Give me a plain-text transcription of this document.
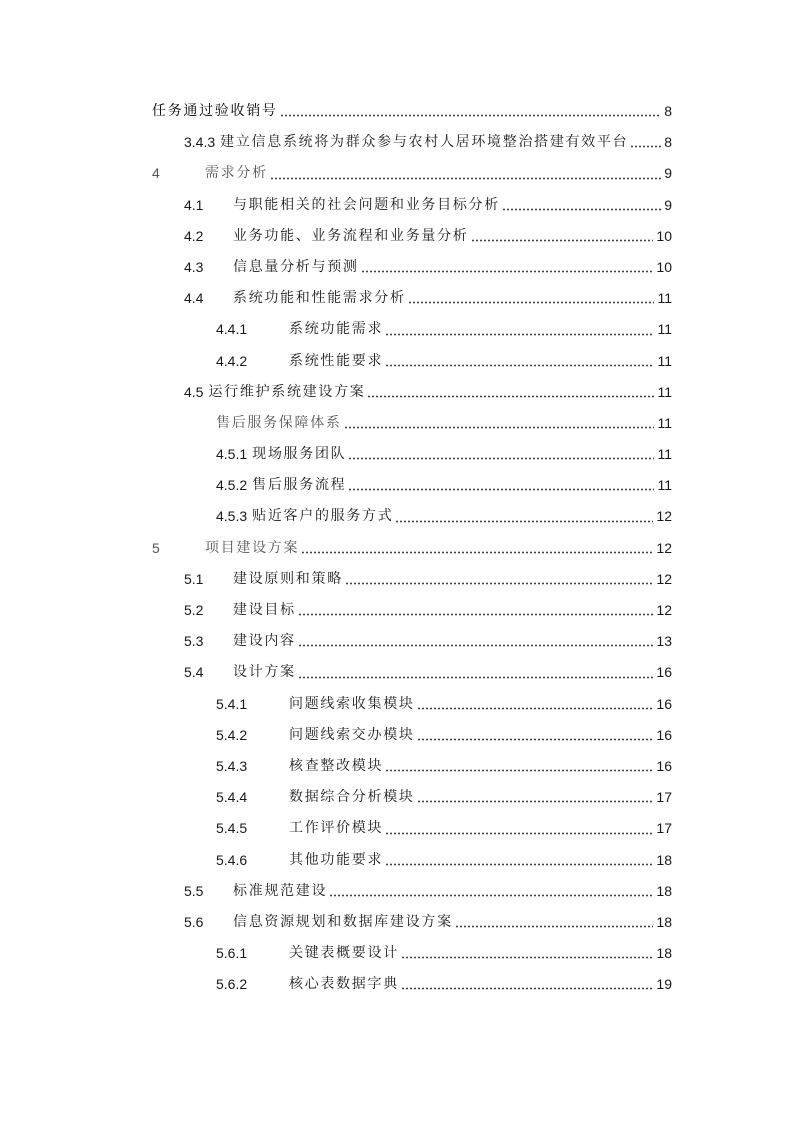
任务通过验收销号	8
3.4.3 建立信息系统将为群众参与农村人居环境整治搭建有效平台	8
4	需求分析	9
4.1	与职能相关的社会问题和业务目标分析	9
4.2	业务功能、业务流程和业务量分析	10
4.3	信息量分析与预测	10
4.4	系统功能和性能需求分析	11
4.4.1	系统功能需求	11
4.4.2	系统性能要求	11
4.5 运行维护系统建设方案	11
售后服务保障体系	11
4.5.1 现场服务团队	11
4.5.2 售后服务流程	11
4.5.3 贴近客户的服务方式	12
5	项目建设方案	12
5.1	建设原则和策略	12
5.2	建设目标	12
5.3	建设内容	13
5.4	设计方案	16
5.4.1	问题线索收集模块	16
5.4.2	问题线索交办模块	16
5.4.3	核查整改模块	16
5.4.4	数据综合分析模块	17
5.4.5	工作评价模块	17
5.4.6	其他功能要求	18
5.5	标准规范建设	18
5.6	信息资源规划和数据库建设方案	18
5.6.1	关键表概要设计	18
5.6.2	核心表数据字典	19
